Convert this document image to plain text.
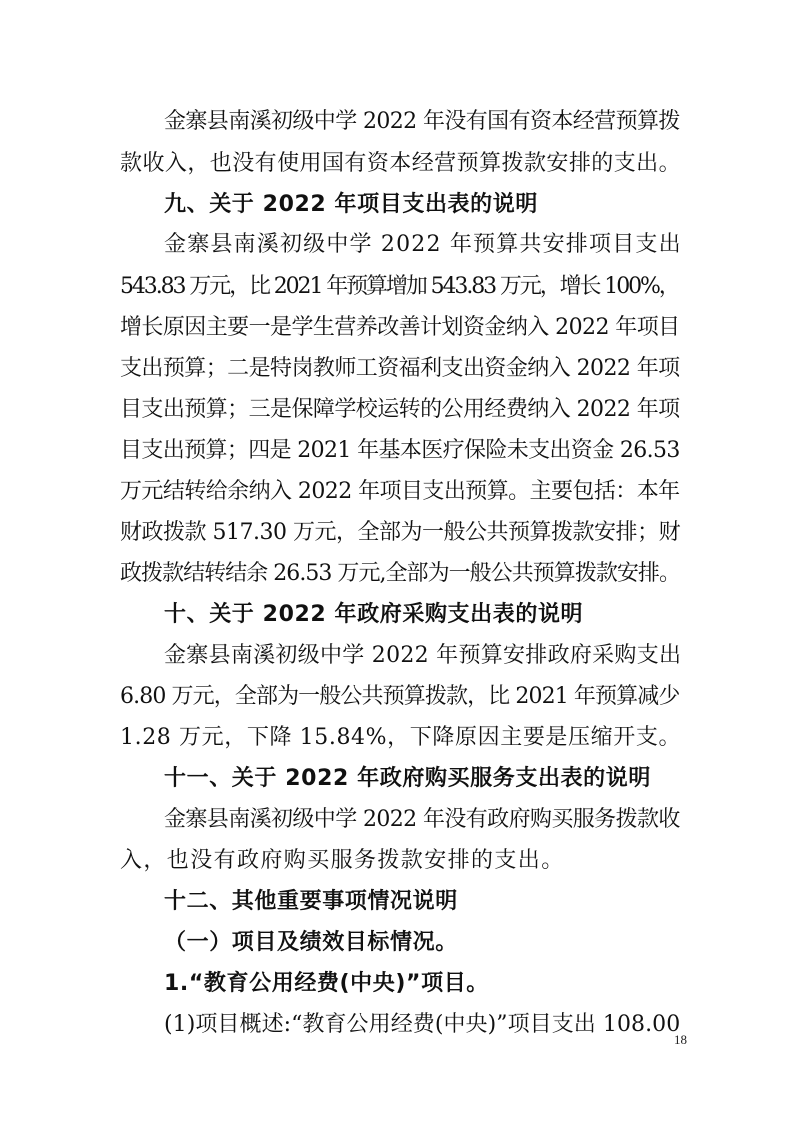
金寨县南溪初级中学 2022 年没有国有资本经营预算拨
款收入，也没有使用国有资本经营预算拨款安排的支出。
九、关于 2022 年项目支出表的说明
金寨县南溪初级中学 2022 年预算共安排项目支出
543.83 万元，比 2021 年预算增加 543.83 万元，增长 100%，
增长原因主要一是学生营养改善计划资金纳入 2022 年项目
支出预算；二是特岗教师工资福利支出资金纳入 2022 年项
目支出预算；三是保障学校运转的公用经费纳入 2022 年项
目支出预算；四是 2021 年基本医疗保险未支出资金 26.53
万元结转给余纳入 2022 年项目支出预算。主要包括：本年
财政拨款 517.30 万元，全部为一般公共预算拨款安排；财
政拨款结转结余 26.53 万元,全部为一般公共预算拨款安排。
十、关于 2022 年政府采购支出表的说明
金寨县南溪初级中学 2022 年预算安排政府采购支出
6.80 万元，全部为一般公共预算拨款，比 2021 年预算减少
1.28 万元，下降 15.84%，下降原因主要是压缩开支。
十一、关于 2022 年政府购买服务支出表的说明
金寨县南溪初级中学 2022 年没有政府购买服务拨款收
入，也没有政府购买服务拨款安排的支出。
十二、其他重要事项情况说明
（一）项目及绩效目标情况。
1.“教育公用经费(中央)”项目。
(1)项目概述:“教育公用经费(中央)”项目支出 108.00
18
